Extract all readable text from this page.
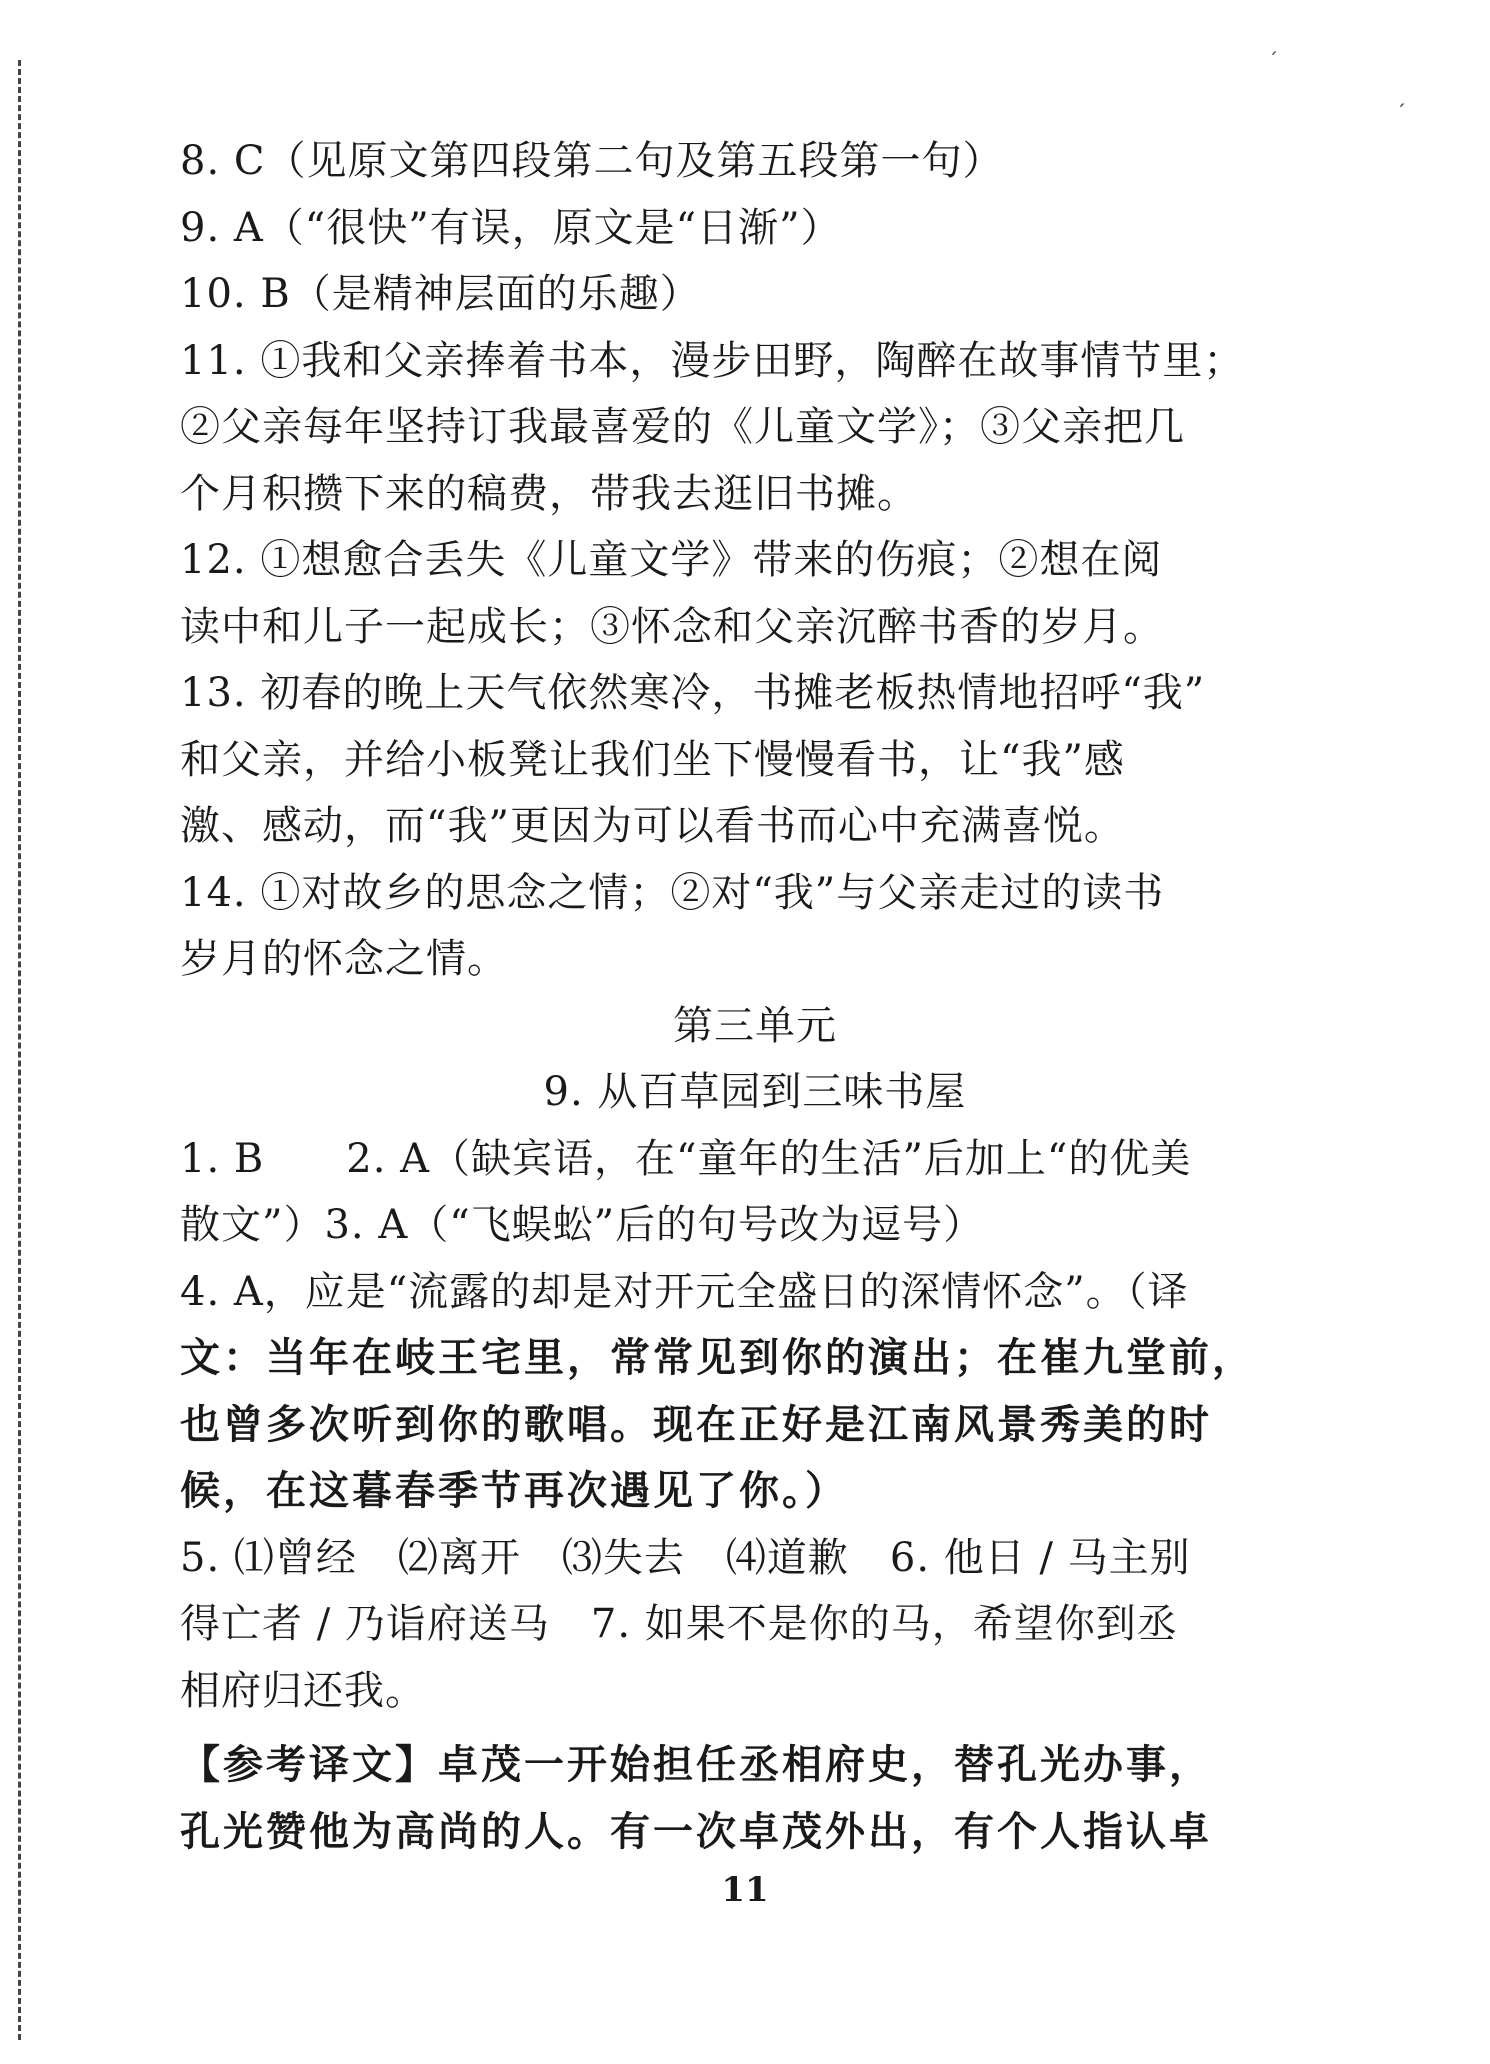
ˊ
ˊ
8. C（见原文第四段第二句及第五段第一句）
9. A（“很快”有误，原文是“日渐”）
10. B（是精神层面的乐趣）
11. ①我和父亲捧着书本，漫步田野，陶醉在故事情节里；
②父亲每年坚持订我最喜爱的《儿童文学》；③父亲把几
个月积攒下来的稿费，带我去逛旧书摊。
12. ①想愈合丢失《儿童文学》带来的伤痕；②想在阅
读中和儿子一起成长；③怀念和父亲沉醉书香的岁月。
13. 初春的晚上天气依然寒冷，书摊老板热情地招呼“我”
和父亲，并给小板凳让我们坐下慢慢看书，让“我”感
激、感动，而“我”更因为可以看书而心中充满喜悦。
14. ①对故乡的思念之情；②对“我”与父亲走过的读书
岁月的怀念之情。
第三单元
9. 从百草园到三味书屋
1. B　　2. A（缺宾语，在“童年的生活”后加上“的优美
散文”）3. A（“飞蜈蚣”后的句号改为逗号）
4. A，应是“流露的却是对开元全盛日的深情怀念”。（译
文：当年在岐王宅里，常常见到你的演出；在崔九堂前，
也曾多次听到你的歌唱。现在正好是江南风景秀美的时
候，在这暮春季节再次遇见了你。）
5. ⑴曾经　⑵离开　⑶失去　⑷道歉　6. 他日 / 马主别
得亡者 / 乃诣府送马　7. 如果不是你的马，希望你到丞
相府归还我。
【参考译文】卓茂一开始担任丞相府史，替孔光办事，
孔光赞他为高尚的人。有一次卓茂外出，有个人指认卓
11
